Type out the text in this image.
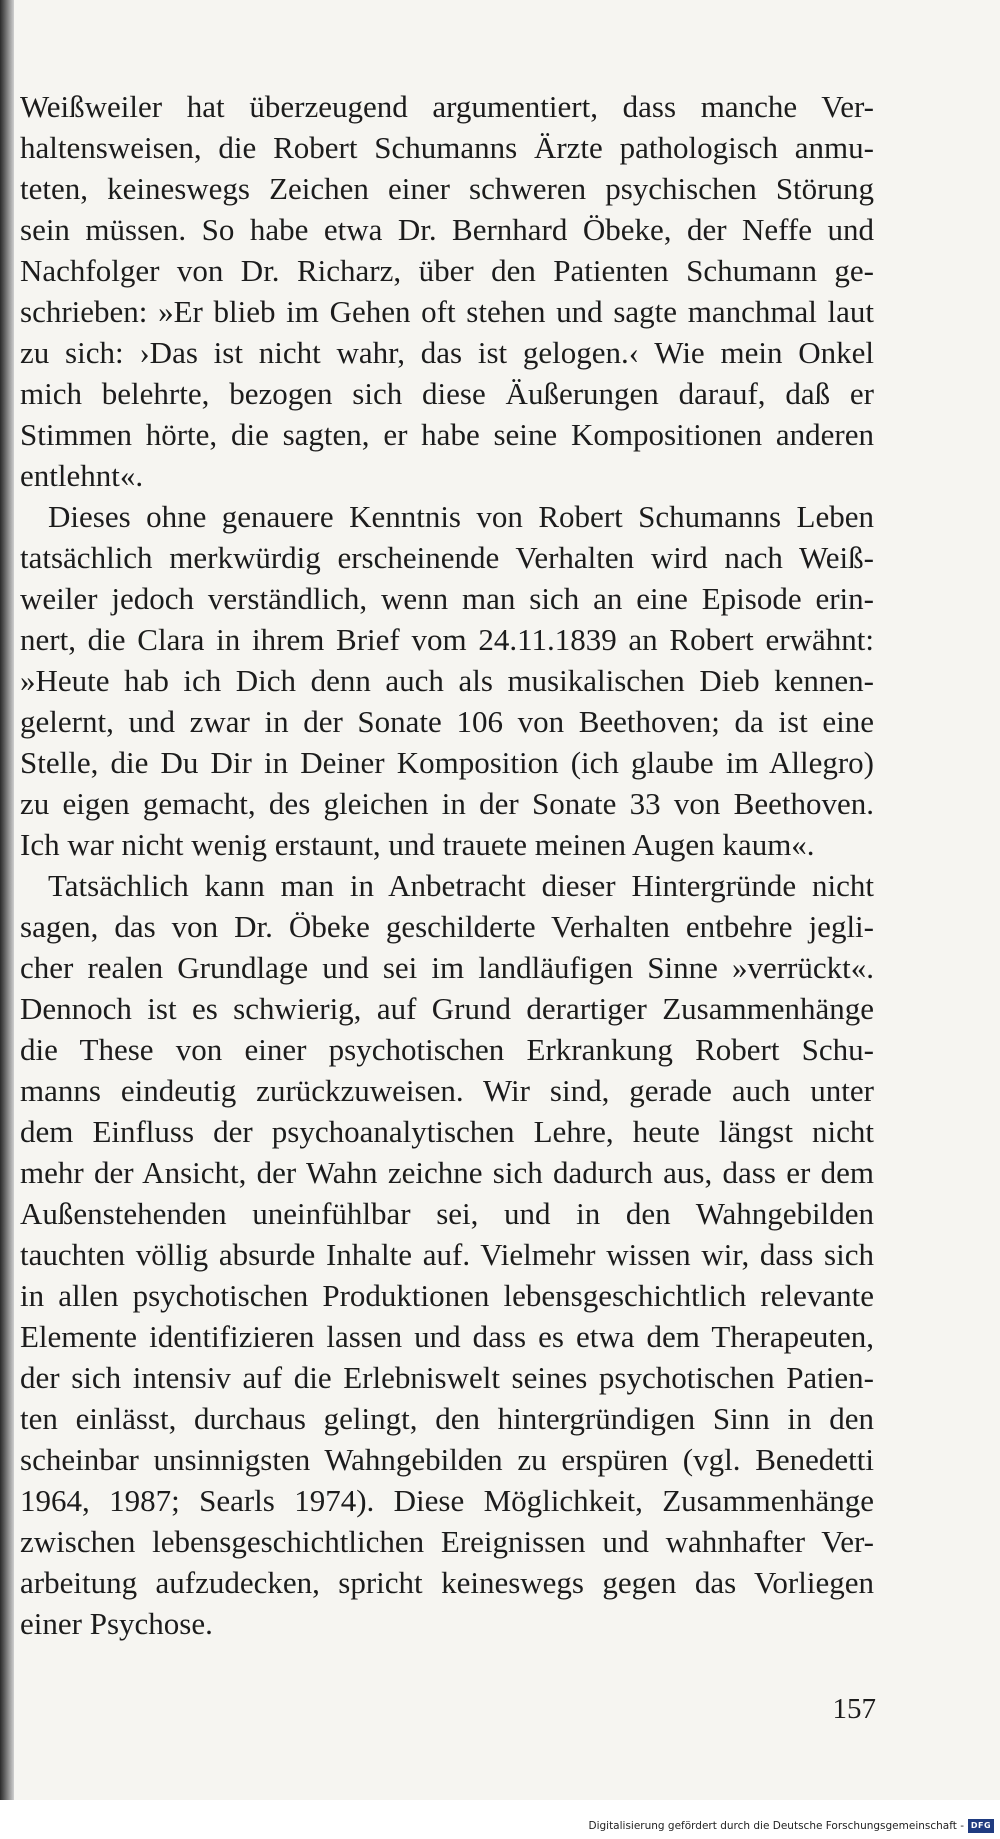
Weißweiler hat überzeugend argumentiert, dass manche Ver-
haltensweisen, die Robert Schumanns Ärzte pathologisch anmu-
teten, keineswegs Zeichen einer schweren psychischen Störung
sein müssen. So habe etwa Dr. Bernhard Öbeke, der Neffe und
Nachfolger von Dr. Richarz, über den Patienten Schumann ge-
schrieben: »Er blieb im Gehen oft stehen und sagte manchmal laut
zu sich: ›Das ist nicht wahr, das ist gelogen.‹ Wie mein Onkel
mich belehrte, bezogen sich diese Äußerungen darauf, daß er
Stimmen hörte, die sagten, er habe seine Kompositionen anderen
entlehnt«.
Dieses ohne genauere Kenntnis von Robert Schumanns Leben
tatsächlich merkwürdig erscheinende Verhalten wird nach Weiß-
weiler jedoch verständlich, wenn man sich an eine Episode erin-
nert, die Clara in ihrem Brief vom 24.11.1839 an Robert erwähnt:
»Heute hab ich Dich denn auch als musikalischen Dieb kennen-
gelernt, und zwar in der Sonate 106 von Beethoven; da ist eine
Stelle, die Du Dir in Deiner Komposition (ich glaube im Allegro)
zu eigen gemacht, des gleichen in der Sonate 33 von Beethoven.
Ich war nicht wenig erstaunt, und trauete meinen Augen kaum«.
Tatsächlich kann man in Anbetracht dieser Hintergründe nicht
sagen, das von Dr. Öbeke geschilderte Verhalten entbehre jegli-
cher realen Grundlage und sei im landläufigen Sinne »verrückt«.
Dennoch ist es schwierig, auf Grund derartiger Zusammenhänge
die These von einer psychotischen Erkrankung Robert Schu-
manns eindeutig zurückzuweisen. Wir sind, gerade auch unter
dem Einfluss der psychoanalytischen Lehre, heute längst nicht
mehr der Ansicht, der Wahn zeichne sich dadurch aus, dass er dem
Außenstehenden uneinfühlbar sei, und in den Wahngebilden
tauchten völlig absurde Inhalte auf. Vielmehr wissen wir, dass sich
in allen psychotischen Produktionen lebensgeschichtlich relevante
Elemente identifizieren lassen und dass es etwa dem Therapeuten,
der sich intensiv auf die Erlebniswelt seines psychotischen Patien-
ten einlässt, durchaus gelingt, den hintergründigen Sinn in den
scheinbar unsinnigsten Wahngebilden zu erspüren (vgl. Benedetti
1964, 1987; Searls 1974). Diese Möglichkeit, Zusammenhänge
zwischen lebensgeschichtlichen Ereignissen und wahnhafter Ver-
arbeitung aufzudecken, spricht keineswegs gegen das Vorliegen
einer Psychose.
157
Digitalisierung gefördert durch die Deutsche Forschungsgemeinschaft - DFG
